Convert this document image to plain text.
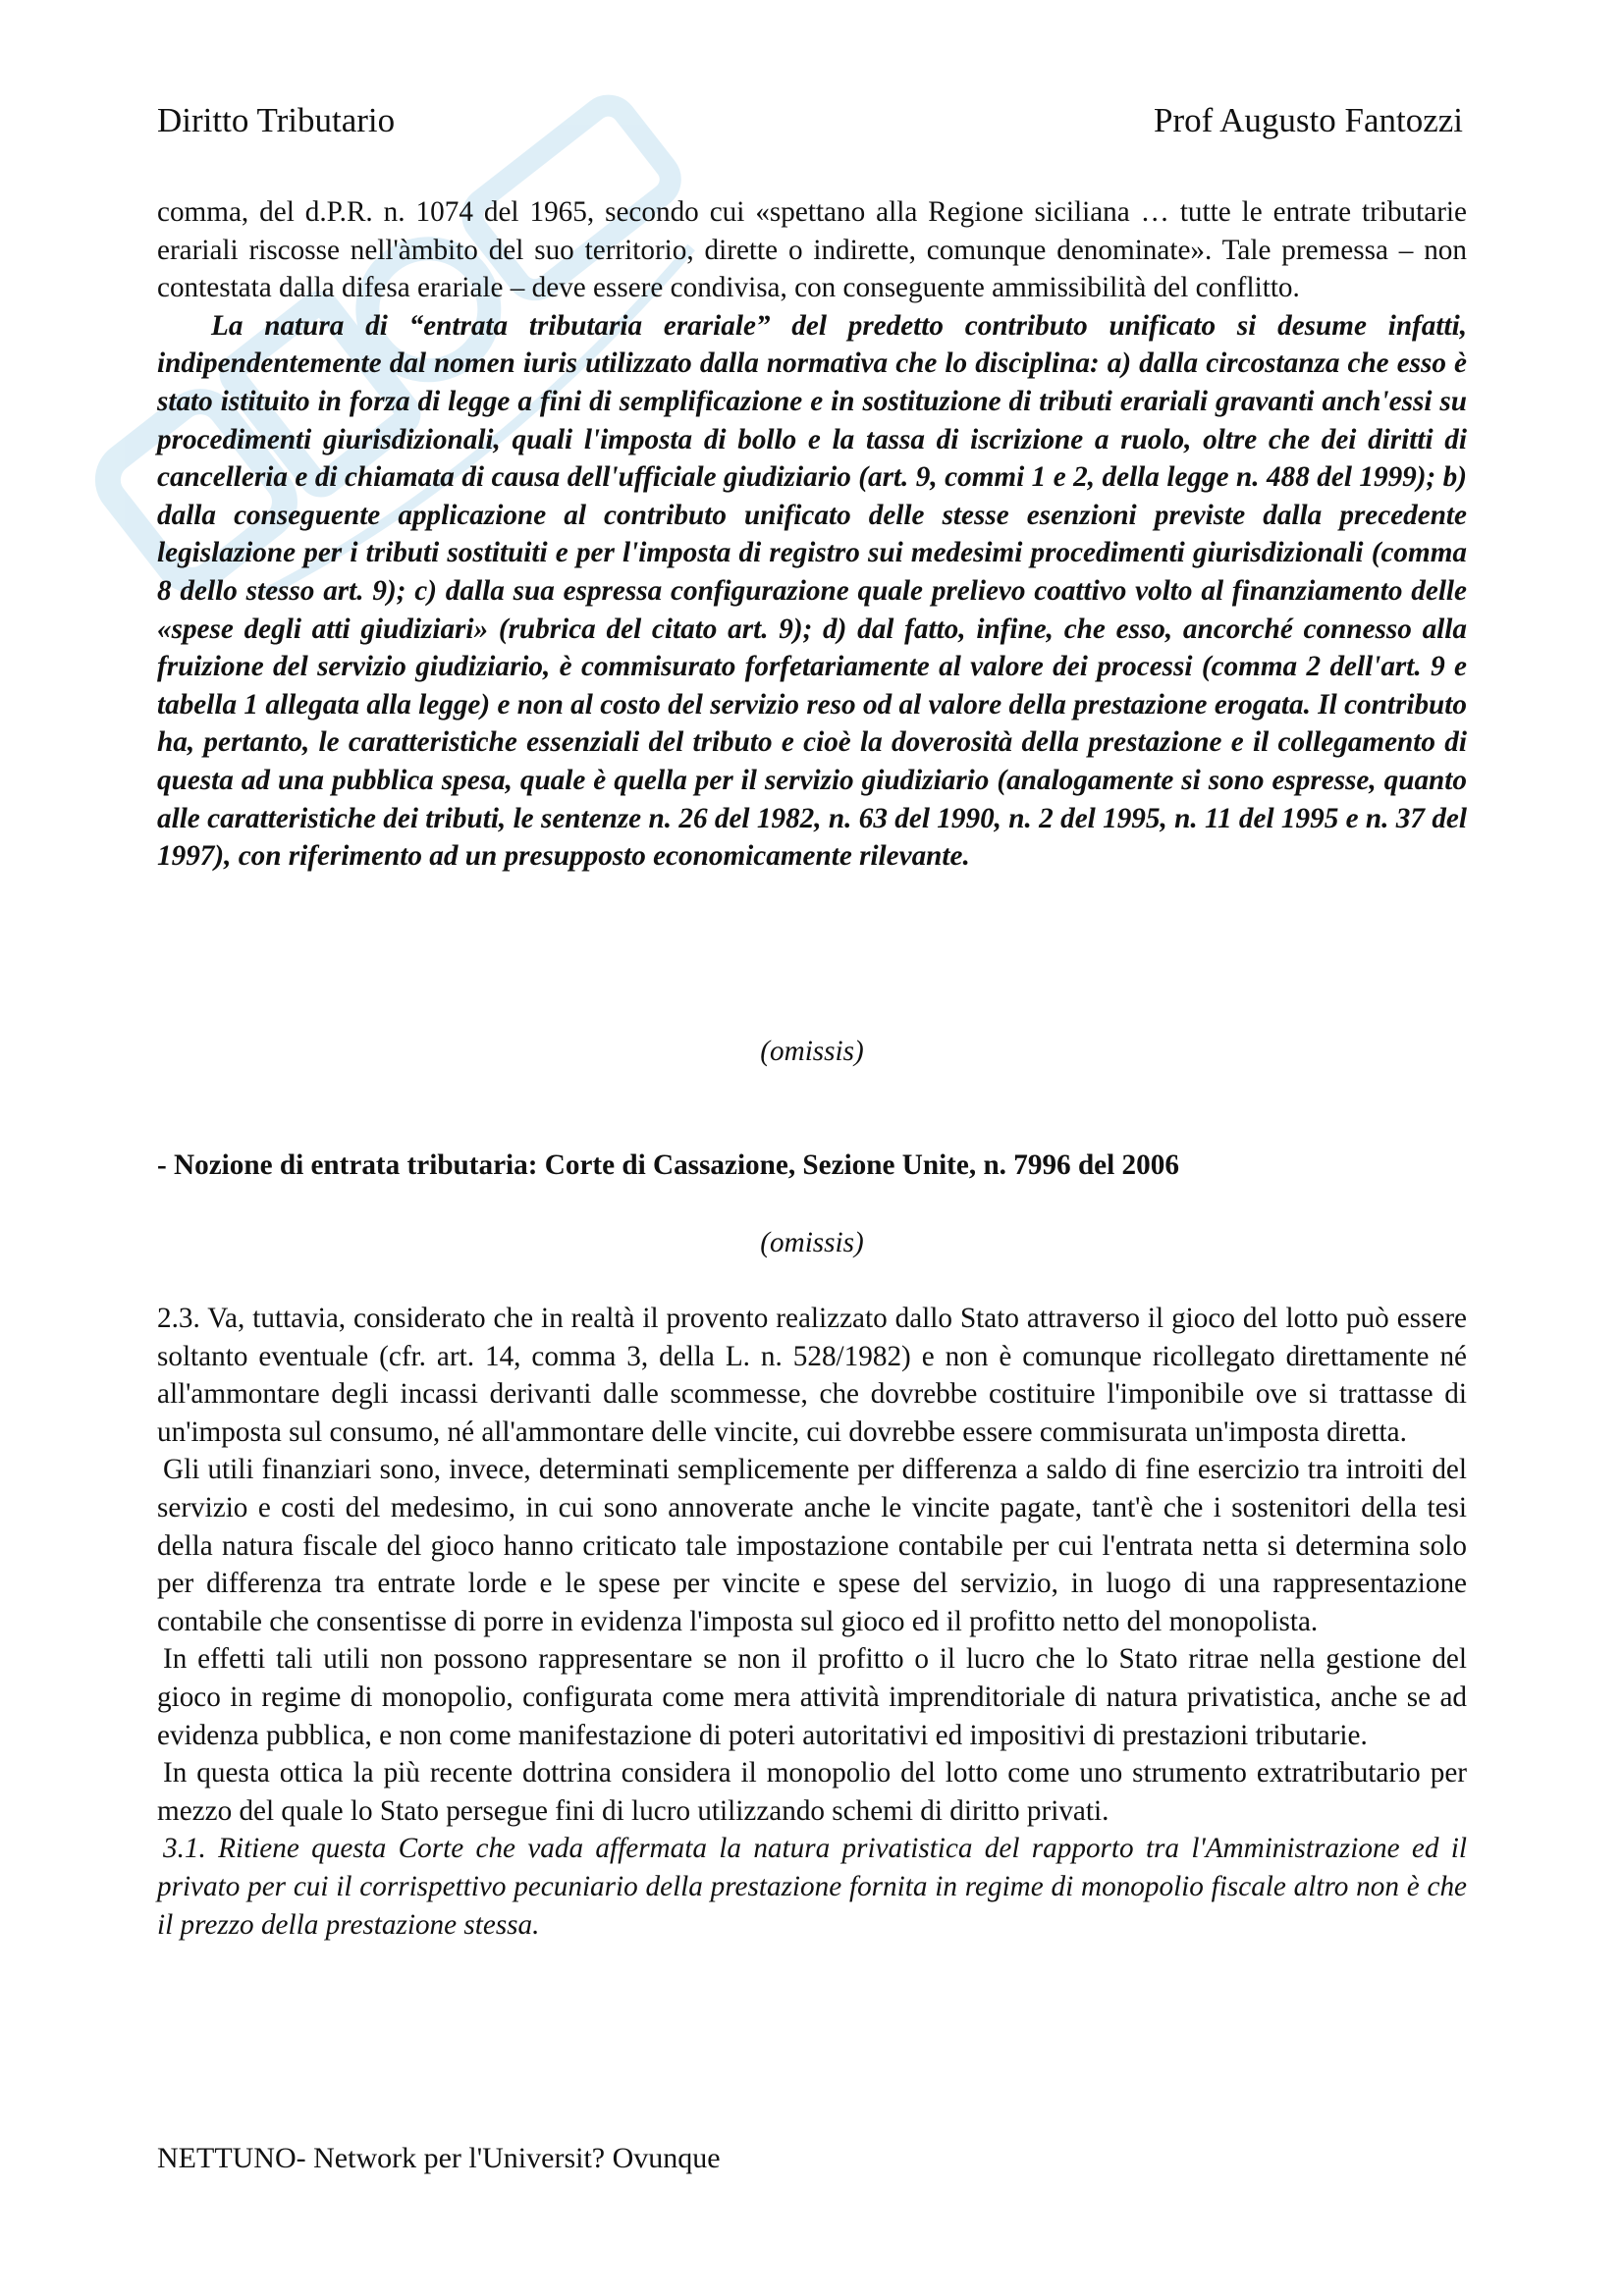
Diritto Tributario	Prof Augusto Fantozzi

comma, del d.P.R. n. 1074 del 1965, secondo cui «spettano alla Regione siciliana … tutte le entrate tributarie erariali riscosse nell'àmbito del suo territorio, dirette o indirette, comunque denominate». Tale premessa – non contestata dalla difesa erariale – deve essere condivisa, con conseguente ammissibilità del conflitto.

La natura di “entrata tributaria erariale” del predetto contributo unificato si desume infatti, indipendentemente dal nomen iuris utilizzato dalla normativa che lo disciplina: a) dalla circostanza che esso è stato istituito in forza di legge a fini di semplificazione e in sostituzione di tributi erariali gravanti anch'essi su procedimenti giurisdizionali, quali l'imposta di bollo e la tassa di iscrizione a ruolo, oltre che dei diritti di cancelleria e di chiamata di causa dell'ufficiale giudiziario (art. 9, commi 1 e 2, della legge n. 488 del 1999); b) dalla conseguente applicazione al contributo unificato delle stesse esenzioni previste dalla precedente legislazione per i tributi sostituiti e per l'imposta di registro sui medesimi procedimenti giurisdizionali (comma 8 dello stesso art. 9); c) dalla sua espressa configurazione quale prelievo coattivo volto al finanziamento delle «spese degli atti giudiziari» (rubrica del citato art. 9); d) dal fatto, infine, che esso, ancorché connesso alla fruizione del servizio giudiziario, è commisurato forfetariamente al valore dei processi (comma 2 dell'art. 9 e tabella 1 allegata alla legge) e non al costo del servizio reso od al valore della prestazione erogata. Il contributo ha, pertanto, le caratteristiche essenziali del tributo e cioè la doverosità della prestazione e il collegamento di questa ad una pubblica spesa, quale è quella per il servizio giudiziario (analogamente si sono espresse, quanto alle caratteristiche dei tributi, le sentenze n. 26 del 1982, n. 63 del 1990, n. 2 del 1995, n. 11 del 1995 e n. 37 del 1997), con riferimento ad un presupposto economicamente rilevante.

(omissis)
- Nozione di entrata tributaria: Corte di Cassazione, Sezione Unite, n. 7996 del 2006
(omissis)

2.3. Va, tuttavia, considerato che in realtà il provento realizzato dallo Stato attraverso il gioco del lotto può essere soltanto eventuale (cfr. art. 14, comma 3, della L. n. 528/1982) e non è comunque ricollegato direttamente né all'ammontare degli incassi derivanti dalle scommesse, che dovrebbe costituire l'imponibile ove si trattasse di un'imposta sul consumo, né all'ammontare delle vincite, cui dovrebbe essere commisurata un'imposta diretta.

Gli utili finanziari sono, invece, determinati semplicemente per differenza a saldo di fine esercizio tra introiti del servizio e costi del medesimo, in cui sono annoverate anche le vincite pagate, tant'è che i sostenitori della tesi della natura fiscale del gioco hanno criticato tale impostazione contabile per cui l'entrata netta si determina solo per differenza tra entrate lorde e le spese per vincite e spese del servizio, in luogo di una rappresentazione contabile che consentisse di porre in evidenza l'imposta sul gioco ed il profitto netto del monopolista.

In effetti tali utili non possono rappresentare se non il profitto o il lucro che lo Stato ritrae nella gestione del gioco in regime di monopolio, configurata come mera attività imprenditoriale di natura privatistica, anche se ad evidenza pubblica, e non come manifestazione di poteri autoritativi ed impositivi di prestazioni tributarie.

In questa ottica la più recente dottrina considera il monopolio del lotto come uno strumento extratributario per mezzo del quale lo Stato persegue fini di lucro utilizzando schemi di diritto privati.

3.1. Ritiene questa Corte che vada affermata la natura privatistica del rapporto tra l'Amministrazione ed il privato per cui il corrispettivo pecuniario della prestazione fornita in regime di monopolio fiscale altro non è che il prezzo della prestazione stessa.

NETTUNO- Network per l'Universit? Ovunque
